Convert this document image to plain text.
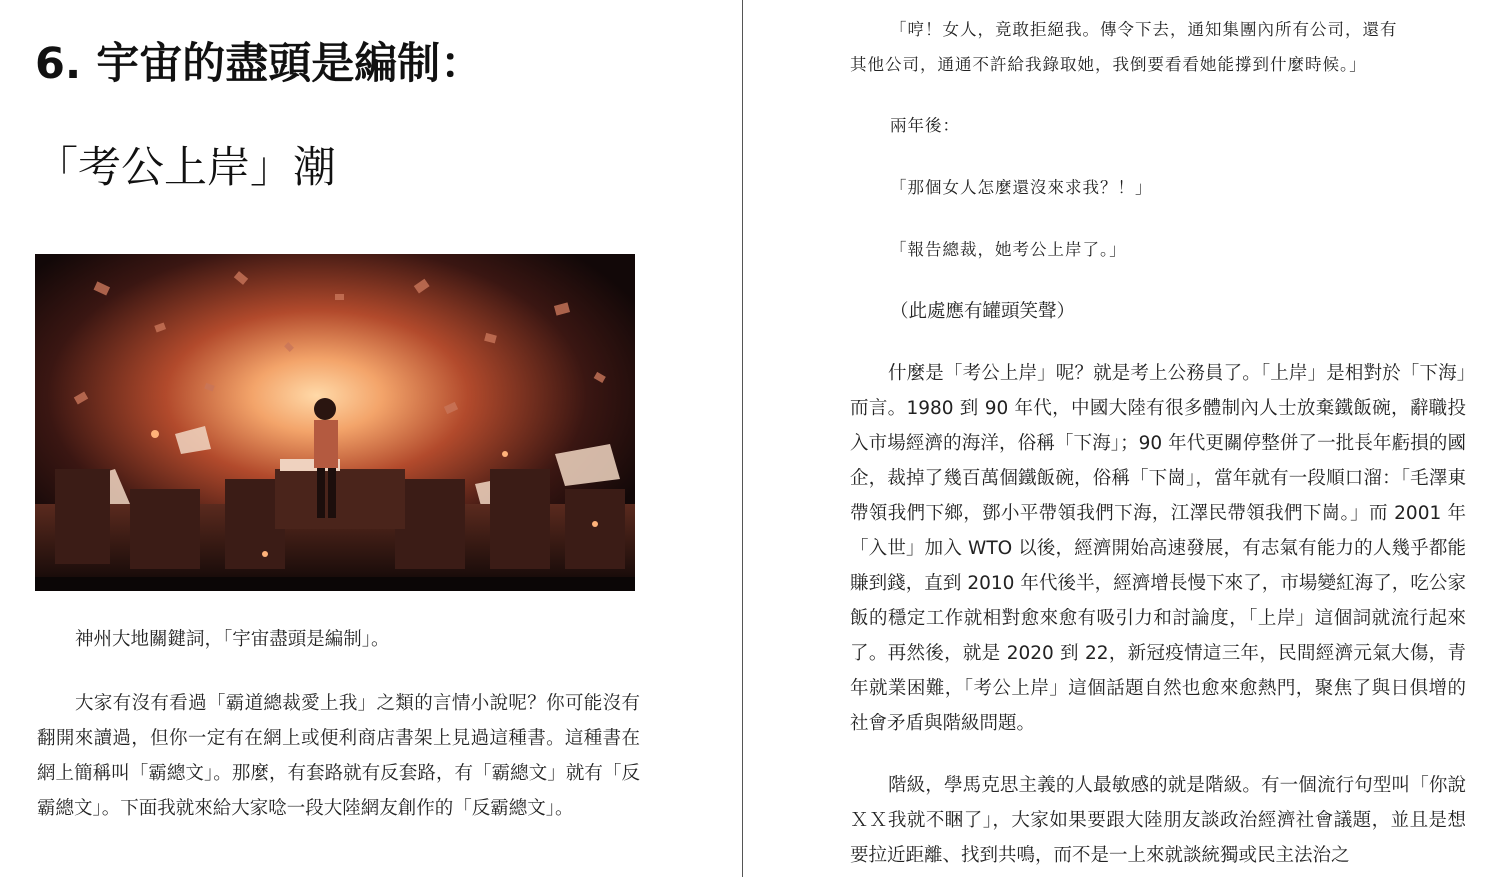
6. 宇宙的盡頭是編制：
「考公上岸」潮

神州大地關鍵詞，「宇宙盡頭是編制」。

大家有沒有看過「霸道總裁愛上我」之類的言情小說呢？你可能沒有翻開來讀過，但你一定有在網上或便利商店書架上見過這種書。這種書在網上簡稱叫「霸總文」。那麼，有套路就有反套路，有「霸總文」就有「反霸總文」。下面我就來給大家唸一段大陸網友創作的「反霸總文」。

「哼！女人，竟敢拒絕我。傳令下去，通知集團內所有公司，還有

其他公司，通通不許給我錄取她，我倒要看看她能撐到什麼時候。」

兩年後：

「那個女人怎麼還沒來求我？！」

「報告總裁，她考公上岸了。」

（此處應有罐頭笑聲）

什麼是「考公上岸」呢？就是考上公務員了。「上岸」是相對於「下海」而言。1980 到 90 年代，中國大陸有很多體制內人士放棄鐵飯碗，辭職投入市場經濟的海洋，俗稱「下海」；90 年代更關停整併了一批長年虧損的國企，裁掉了幾百萬個鐵飯碗，俗稱「下崗」，當年就有一段順口溜：「毛澤東帶領我們下鄉，鄧小平帶領我們下海，江澤民帶領我們下崗。」而 2001 年「入世」加入 WTO 以後，經濟開始高速發展，有志氣有能力的人幾乎都能賺到錢，直到 2010 年代後半，經濟增長慢下來了，市場變紅海了，吃公家飯的穩定工作就相對愈來愈有吸引力和討論度，「上岸」這個詞就流行起來了。再然後，就是 2020 到 22，新冠疫情這三年，民間經濟元氣大傷，青年就業困難，「考公上岸」這個話題自然也愈來愈熱門，聚焦了與日俱增的社會矛盾與階級問題。

階級，學馬克思主義的人最敏感的就是階級。有一個流行句型叫「你說ＸＸ我就不睏了」，大家如果要跟大陸朋友談政治經濟社會議題，並且是想要拉近距離、找到共鳴，而不是一上來就談統獨或民主法治之
